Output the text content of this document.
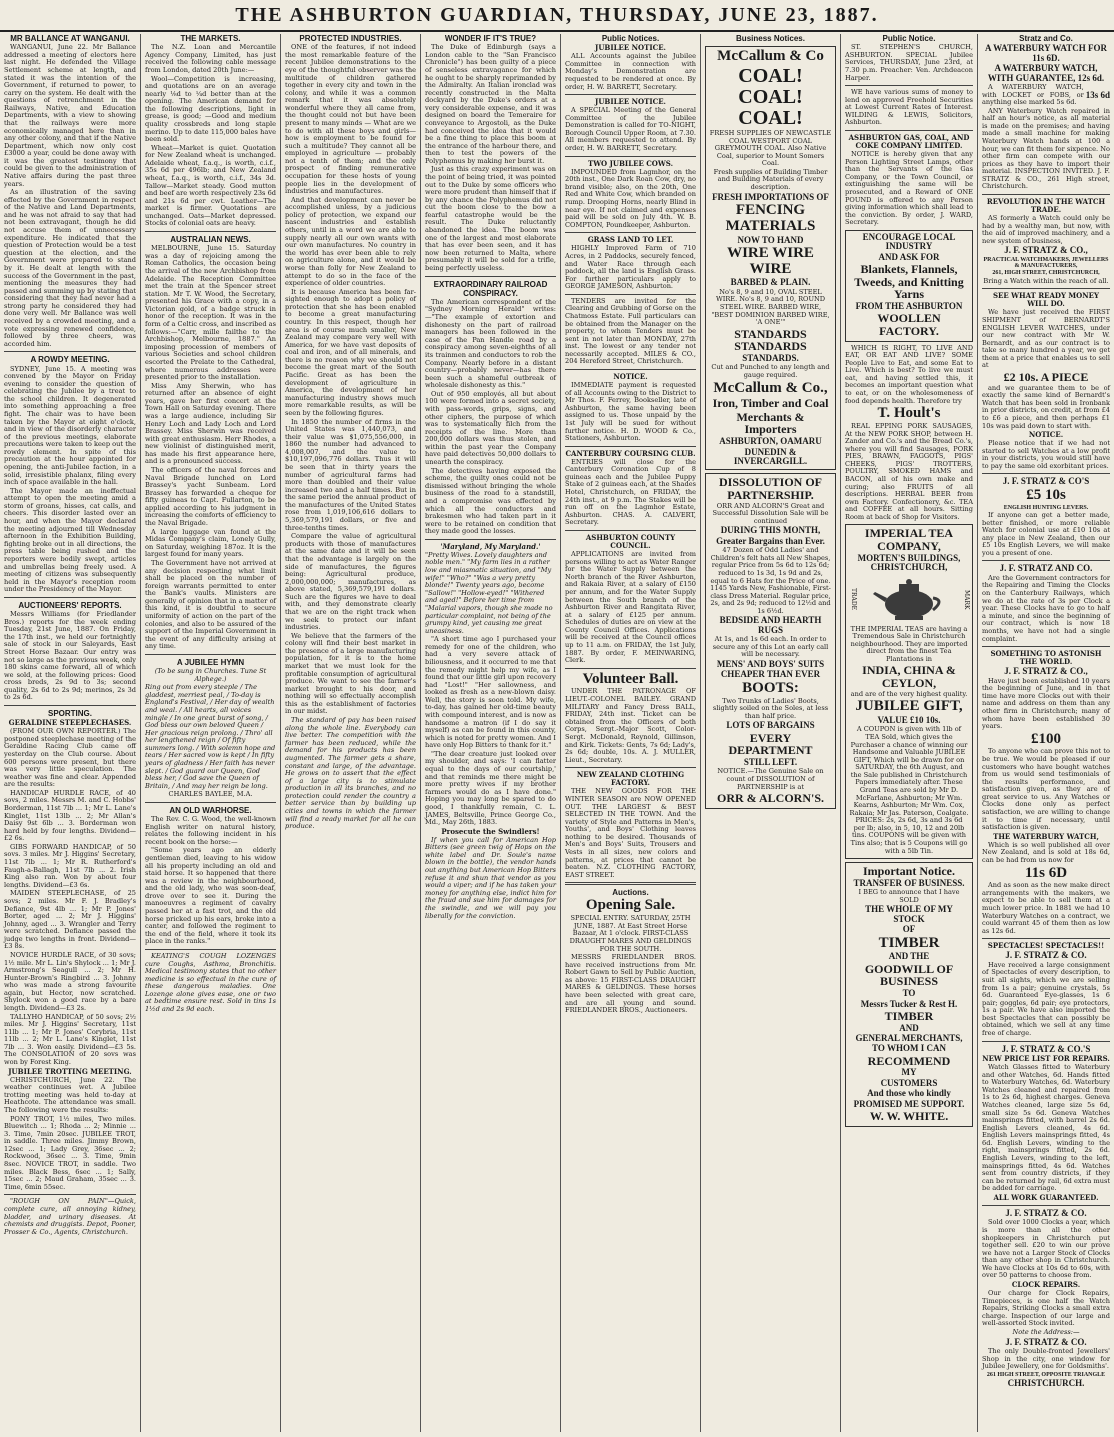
THE ASHBURTON GUARDIAN, THURSDAY, JUNE 23, 1887.

MR BALLANCE AT WANGANUI.

WANGANUI, June 22. Mr Ballance addressed a meeting of electors here last night. He defended the Village Settlement scheme at length, and stated it was the intention of the Government, if returned to power, to carry on the system. He dealt with the questions of retrenchment in the Railways, Native, and Education Departments, with a view to showing that the railways were more economically managed here than in any other colony, and that if the Native Department, which now only cost £3000 a year, could be done away with it was the greatest testimony that could be given to the administration of Native affairs during the past three years.

As an illustration of the saving effected by the Government in respect of the Native and Land Departments, and he was not afraid to say that had not been extravagant, though he did not accuse them of unnecessary expenditure. He indicated that the question of Protection would be a test question at the election, and the Government were prepared to stand by it. He dealt at length with the success of the Government in the past, mentioning the measures they had passed and summing up by stating that considering that they had never had a strong party he considered they had done very well. Mr Ballance was well received by a crowded meeting, and a vote expressing renewed confidence, followed by three cheers, was accorded him.

A ROWDY MEETING.

SYDNEY, June 15. A meeting was convened by the Mayor on Friday evening to consider the question of celebrating the Jubilee by a treat to the school children. It degenerated into something approaching a free fight. The chair was to have been taken by the Mayor at eight o'clock, and in view of the disorderly character of the previous meetings, elaborate precautions were taken to keep out the rowdy element. In spite of this precaution at the hour appointed for opening, the anti-Jubilee faction, in a solid, irresistible phalanx, filing every inch of space available in the hall.

The Mayor made an ineffectual attempt to open the meeting amid a storm of groans, hisses, cat calls, and cheers. This disorder lasted over an hour, and when the Mayor declared the meeting adjourned till Wednesday afternoon in the Exhibition Building, fighting broke out in all directions, the press table being rushed and the reporters were bodily swept, articles and umbrellas being freely used. A meeting of citizens was subsequently held in the Mayor's reception room under the Presidency of the Mayor.

AUCTIONEERS' REPORTS.

Messrs Williams (for Friedlander Bros.) reports for the week ending Tuesday, 21st June, 1887. On Friday, the 17th inst., we held our fortnightly sale of stock in our Saleyards, East Street Horse Bazaar. Our entry was not so large as the previous week, only 180 skins came forward, all of which we sold, at the following prices: Good cross breds, 2s 9d to 3s; second quality, 2s 6d to 2s 9d; merinos, 2s 3d to 2s 6d.

SPORTING.

GERALDINE STEEPLECHASES.

(FROM OUR OWN REPORTER.) The postponed steeplechase meeting of the Geraldine Racing Club came off yesterday on the Club course. About 600 persons were present, but there was very little speculation. The weather was fine and clear. Appended are the results:

HANDICAP HURDLE RACE, of 40 sovs, 2 miles. Messrs M. and C. Hobbs' Borderman, 11st 7lb ... 1; Mr L. Lane's Kinglet, 11st 13lb ... 2; Mr Allan's Daisy 9st 6lb ... 3. Borderman won hard held by four lengths. Dividend—£2 6s.

GIBS FORWARD HANDICAP, of 50 sovs. 3 miles. Mr J. Higgins' Secretary, 11st 7lb ... 1; Mr R. Rutherford's Faugh-a-Ballagh, 11st 7lb ... 2. Irish King also ran. Won by about four lengths. Dividend—£3 6s.

MAIDEN STEEPLECHASE, of 25 sovs; 2 miles. Mr F. J. Bradley's Defiance, 9st 4lb ... 1; Mr P. Jones' Borter, aged ... 2; Mr J. Higgins' Johnny, aged ... 3. Wrangler and Terry were scratched. Defiance passed the judge two lengths in front. Dividend—£3 8s.

NOVICE HURDLE RACE, of 30 sovs; 1½ mile. Mr L. Lin's Shylock ... 1; Mr J. Armstrong's Seagull ... 2; Mr H. Hunter-Brown's Ringbird ... 3. Johnny who was made a strong favourite again, but Hector, now scratched. Shylock won a good race by a bare length. Dividend—£3 2s.

TALLYHO HANDICAP, of 50 sovs; 2½ miles. Mr J. Higgins' Secretary, 11st 11lb ... 1; Mr P. Jones' Corybria, 11st 11lb ... 2; Mr L. Lane's Kinglet, 11st 7lb ... 3. Won easily. Dividend—£3 5s. The CONSOLATION of 20 sovs was won by Forest King.

JUBILEE TROTTING MEETING.

CHRISTCHURCH, June 22. The weather continues wet. A Jubilee trotting meeting was held to-day at Heathcote. The attendance was small. The following were the results:

PONY TROT, 1½ miles, Two miles. Bluewitch ... 1; Rhoda ... 2; Minnie ... 3. Time, 7min 20sec. JUBILEE TROT, in saddle. Three miles. Jimmy Brown, 12sec ... 1; Lady Grey, 36sec ... 2; Rockwood, 36sec ... 3. Time, 9min 8sec. NOVICE TROT, in saddle. Two miles. Black Bess, 6sec ... 1; Sally, 15sec ... 2; Maud Graham, 35sec ... 3. Time, 6min 55sec.

"ROUGH ON PAIN"—Quick, complete cure, all annoying kidney, bladder, and urinary diseases. At chemists and druggists. Depot, Pooner, Prosser & Co., Agents, Christchurch.

THE MARKETS.

The N.Z. Loan and Mercantile Agency Company, Limited, has just received the following cable message from London, dated 20th June:—

Wool—Competition is increasing, and quotations are on an average nearly ⅛d to ¼d better than at the opening. The American demand for the following descriptions, light in grease, is good; —Good and medium quality crossbreds and long staple merino. Up to date 115,000 bales have been sold.

Wheat—Market is quiet. Quotation for New Zealand wheat is unchanged. Adelaide wheat, f.a.q., is worth, c.i.f., 35s 6d per 496lb; and New Zealand wheat, f.a.q., is worth, c.i.f., 34s 3d. Tallow—Market steady. Good mutton and beef are worth respectively 23s 6d and 21s 6d per cwt. Leather—The market is firmer. Quotations are unchanged. Oats—Market depressed. Stocks of colonial oats are heavy.

AUSTRALIAN NEWS.

MELBOURNE, June 15. Saturday was a day of rejoicing among the Roman Catholics, the occasion being the arrival of the new Archbishop from Adelaide. The Reception Committee met the train at the Spencer street station. Mr T. W. Wood, the Secretary, presented his Grace with a copy, in a Victorian gold, of a badge struck in honor of the reception. It was in the form of a Celtic cross, and inscribed as follows:—"Carr, mille failthe to the Archbishop, Melbourne, 1887." An imposing procession of members of various Societies and school children escorted the Prelate to the Cathedral, where numerous addresses were presented prior to the installation.

Miss Amy Sherwin, who has returned after an absence of eight years, gave her first concert at the Town Hall on Saturday evening. There was a large audience, including Sir Henry Loch and Lady Loch and Lord Brassey. Miss Sherwin was received with great enthusiasm. Herr Rhodes, a new violinist of distinguished merit, has made his first appearance here, and is a pronounced success.

The officers of the naval forces and Naval Brigade lunched on Lord Brassey's yacht Sunbeam. Lord Brassey has forwarded a cheque for fifty guineas to Capt. Fullarton, to be applied according to his judgment in increasing the comforts of efficiency to the Naval Brigade.

A large luggage van found at the Midas Company's claim, Lonely Gully, on Saturday, weighing 187oz. It is the largest found for many years.

The Government have not arrived at any decision respecting what limit shall be placed on the number of foreign warrants permitted to enter the Bank's vaults. Ministers are generally of opinion that in a matter of this kind, it is doubtful to secure uniformity of action on the part of the colonies, and also to be assured of the support of the Imperial Government in the event of any difficulty arising at any time.

A JUBILEE HYMN

(To be sung in Churches. Tune St Alphege.)

Ring out from every steeple / The gladdest, merriest peal, / To-day is England's Festival, / Her day of wealth and weal. / All hearts, all voices mingle / In one great burst of song, / God bless our own beloved Queen / Her gracious reign prolong. / Thro' all her lengthened reign / Of fifty summers long. / With solemn hope and tears / Her sacred vow is kept / In fifty years of gladness / Her faith has never slept. / God guard our Queen, God bless her, / God save the Queen of Britain, / And may her reign be long.

CHARLES BAYLEE, M.A.

AN OLD WARHORSE.

The Rev. C. G. Wood, the well-known English writer on natural history, relates the following incident in his recent book on the horse:—

"Some years ago an elderly gentleman died, leaving to his widow all his property including an old and staid horse. It so happened that there was a review in the neighbourhood, and the old lady, who was soon-deaf, drove over to see it. During the manoeuvres a regiment of cavalry passed her at a fast trot, and the old horse pricked up his ears, broke into a canter, and followed the regiment to the end of the field, where it took its place in the ranks."

KEATING'S COUGH LOZENGES cure Coughs, Asthma, Bronchitis. Medical testimony states that no other medicine is so effectual in the cure of these dangerous maladies. One Lozenge alone gives ease, one or two at bedtime ensure rest. Sold in tins 1s 1½d and 2s 9d each.

PROTECTED INDUSTRIES.

ONE of the features, if not indeed the most remarkable feature of the recent Jubilee demonstrations to the eye of the thoughtful observer was the multitude of children gathered together in every city and town in the colony, and while it was a common remark that it was absolutely wonderful where they all came from, the thought could not but have been present to many minds — What are we to do with all these boys and girls—how is employment to be found for such a multitude? They cannot all be employed in agriculture — probably not a tenth of them; and the only prospect of finding remunerative occupation for these hosts of young people lies in the development of industries and manufactures.

And that development can never be accomplished unless, by a judicious policy of protection, we expand our nascent industries and establish others, until in a word we are able to supply nearly all our own wants with our own manufactures. No country in the world has ever been able to rely on agriculture alone, and it would be worse than folly for New Zealand to attempt to do so in the face of the experience of older countries.

It is because America has been far-sighted enough to adopt a policy of protection that she has been enabled to become a great manufacturing country. In this respect, though her area is of course much smaller, New Zealand may compare very well with America, for we have vast deposits of coal and iron, and of all minerals, and there is no reason why we should not become the great mart of the South Pacific. Great as has been the development of agriculture in America, the development of her manufacturing industry shows much more remarkable results, as will be seen by the following figures.

In 1850 the number of firms in the United States was 1,440,073, and their value was $1,075,556,000, in 1860 the number had advanced to 4,008,007, and the value to $10,197,096,776 dollars. Thus it will be seen that in thirty years the number of agricultural farms had more than doubled and their value increased two and a half times. But in the same period the annual product of the manufactures of the United States rose from 1,019,106,616 dollars to 5,369,579,191 dollars, or five and three-tenths times.

Compare the value of agricultural products with those of manufactures at the same date and it will be seen that the advantage is largely on the side of manufactures, the figures being: Agricultural produce, 2,000,000,000; manufactures, as above stated, 5,369,579,191 dollars. Such are the figures we have to deal with, and they demonstrate clearly that we are on the right track when we seek to protect our infant industries.

We believe that the farmers of the colony will find their best market in the presence of a large manufacturing population, for it is to the home market that we must look for the profitable consumption of agricultural produce. We want to see the farmer's market brought to his door, and nothing will so effectually accomplish this as the establishment of factories in our midst.

The standard of pay has been raised along the whole line. Everybody can live better. The competition with the farmer has been reduced, while the demand for his products has been augmented. The farmer gets a share, constant and large, of the advantage. He grows on to assert that the effect of a large city is to stimulate production in all its branches, and no protection could render the country a better service than by building up cities and towns in which the farmer will find a ready market for all he can produce.

WONDER IF IT'S TRUE?

The Duke of Edinburgh (says a London cable to the "San Francisco Chronicle") has been guilty of a piece of senseless extravagance for which he ought to be sharply reprimanded by the Admiralty. An Italian ironclad was recently constructed in the Malta dockyard by the Duke's orders at a very considerable expense, and it was designed on board the Temeraire for conveyance to Argostoli, as the Duke had conceived the idea that it would be a fine thing to place this boom at the entrance of the harbour there, and then to test the powers of the Polyphemus by making her burst it.

Just as this crazy experiment was on the point of being tried, it was pointed out to the Duke by some officers who were more prudent than himself that if by any chance the Polyphemus did not cut the boom close to the bow a fearful catastrophe would be the result. The Duke reluctantly abandoned the idea. The boom was one of the largest and most elaborate that has ever been seen, and it has now been returned to Malta, where presumably it will be sold for a trifle, being perfectly useless.

EXTRAORDINARY RAILROAD CONSPIRACY.

The American correspondent of the "Sydney Morning Herald" writes:—"The example of extortion and dishonesty on the part of railroad managers has been followed in the case of the Pan Handle road by a conspiracy among seven-eighths of all its trainmen and conductors to rob the Company. Nearly before in a distant country—probably never—has there been such a shameful outbreak of wholesale dishonesty as this."

Out of 950 employés, all but about 100 were formed into a secret society, with pass-words, grips, signs, and other ciphers, the purpose of which was to systematically filch from the receipts of the line. More than 200,000 dollars was thus stolen, and within the past year the Company have paid detectives 50,000 dollars to unearth the conspiracy.

The detectives having exposed the scheme, the guilty ones could not be dismissed without bringing the whole business of the road to a standstill, and a compromise was effected by which all the conductors and brakesmen who had taken part in it were to be retained on condition that they made good the losses.

'Maryland, My Maryland.'

"Pretty Wives. Lovely daughters and noble men." "My farm lies in a rather low and miasmatic situation, and "My wife!" "Who?" "Was a very pretty blonde!" Twenty years ago, become "Sallow!" "Hollow-eyed!" "Withered and aged!" Before her time from "Malarial vapors, though she made no particular complaint, not being of the grumpy kind, yet causing me great uneasiness.

"A short time ago I purchased your remedy for one of the children, who had a very severe attack of biliousness, and it occurred to me that the remedy might help my wife, as I found that our little girl upon recovery had "Lost!" "Her sallowness, and looked as fresh as a new-blown daisy. Well, the story is soon told. My wife, to-day, has gained her old-time beauty with compound interest, and is now as handsome a matron (if I do say it myself) as can be found in this county, which is noted for pretty women. And I have only Hop Bitters to thank for it."

"The dear creature just looked over my shoulder, and says: 'I can flatter equal to the days of our courtship,' and that reminds me there might be more pretty wives if my brother farmers would do as I have done." Hoping you may long be spared to do good, I thankfully remain, C. L. JAMES, Beltsville, Prince George Co., Md., May 26th, 1883.

Prosecute the Swindlers!

If when you call for American Hop Bitters (see green twig of Hops on the white label and Dr. Soule's name blown in the bottle), the vendor hands out anything but American Hop Bitters refuse it and shun that vendor as you would a viper; and if he has taken your money for anything else, indict him for the fraud and sue him for damages for the swindle, and we will pay you liberally for the conviction.

Public Notices.

JUBILEE NOTICE.

ALL Accounts against the Jubilee Committee in connection with Monday's Demonstration are requested to be rendered at once. By order, H. W. BARRETT, Secretary.

JUBILEE NOTICE.

A SPECIAL Meeting of the General Committee of the Jubilee Demonstration is called for TO-NIGHT, Borough Council Upper Room, at 7.30. All members requested to attend. By order, H. W. BARRETT, Secretary.

TWO JUBILEE COWS.

IMPOUNDED from Lagmhor, on the 20th inst., One Dark Roan Cow, dry, no brand visible; also, on the 20th, One Red and White Cow, which branded on rump. Drooping Horns, nearly Blind in near eye. If not claimed and expenses paid will be sold on July 4th. W. B. COMPTON, Poundkeeper, Ashburton.

GRASS LAND TO LET.

HIGHLY Improved Farm of 710 Acres, in 2 Paddocks, securely fenced, and Water Race through each paddock, all the land is English Grass. For further particulars apply to GEORGE JAMESON, Ashburton.

TENDERS are invited for the Clearing and Grubbing of Gorse on the Chatmoss Estate. Full particulars can be obtained from the Manager on the property, to whom Tenders must be sent in not later than MONDAY, 27th inst. The lowest or any tender not necessarily accepted. MILES & CO., 204 Hereford Street, Christchurch.

NOTICE.

IMMEDIATE payment is requested of all Accounts owing to the District to Mr Thos. F. Ferrey, Bookseller, late of Ashburton, the same having been assigned to us. Those unpaid by the 1st July will be sued for without further notice. H. D. WOOD & Co., Stationers, Ashburton.

CANTERBURY COURSING CLUB.

ENTRIES will close for the Canterbury Coronation Cup of 8 guineas each and the Jubilee Puppy Stake of 2 guineas each, at the Shades Hotel, Christchurch, on FRIDAY, the 24th inst., at 9 p.m. The Stakes will be run off on the Lagmhor Estate, Ashburton. CHAS. A. CALVERT, Secretary.

ASHBURTON COUNTY COUNCIL.

APPLICATIONS are invited from persons willing to act as Water Ranger for the Water Supply between the North branch of the River Ashburton, and Rakaia River, at a salary of £150 per annum, and for the Water Supply between the South branch of the Ashburton River and Rangitata River, at a salary of £125 per annum. Schedules of duties are on view at the County Council Offices. Applications will be received at the Council offices up to 11 a.m. on FRIDAY, the 1st July, 1887. By order, F. MEINWARING, Clerk.

Volunteer Ball.

UNDER THE PATRONAGE OF LIEUT.-COLONEL BAILEY. GRAND MILITARY and Fancy Dress BALL, FRIDAY, 24th inst. Ticket can be obtained from the Officers of both Corps, Sergt.-Major Scott, Color-Sergt. McDonald, Reynold, Gillinson, and Kirk. Tickets: Gents, 7s 6d; Lady's, 2s 6d; double, 10s. A. J. MULLER, Lieut., Secretary.

NEW ZEALAND CLOTHING FACTORY.

THE NEW GOODS FOR THE WINTER SEASON are NOW OPENED OUT. THE LARGEST & BEST SELECTED IN THE TOWN. And the variety of Style and Patterns in Men's, Youths', and Boys' Clothing leaves nothing to be desired. Thousands of Men's and Boys' Suits, Trousers and Vests in all sizes, new colors and patterns, at prices that cannot be beaten. N.Z. CLOTHING FACTORY, EAST STREET.

Auctions.

Opening Sale.

SPECIAL ENTRY. SATURDAY, 25TH JUNE, 1887. At East Street Horse Bazaar, At 1 o'clock. FIRST-CLASS DRAUGHT MARES AND GELDINGS FOR THE SOUTH.

MESSRS FRIEDLANDER BROS. have received instructions from Mr. Robert Gawn to Sell by Public Auction, as above: 15 FIRST-CLASS DRAUGHT MARES & GELDINGS. These horses have been selected with great care, and are all young and sound. FRIEDLANDER BROS., Auctioneers.

Business Notices.

McCallum & Co

COAL! COAL! COAL!

FRESH SUPPLIES OF NEWCASTLE COAL WESTPORT COAL GREYMOUTH COAL. Also Native Coal, superior to Mount Somers Coal.

Fresh supplies of Building Timber and Building Materials of every description.

FRESH IMPORTATIONS OF

FENCING MATERIALS

NOW TO HAND

WIRE WIRE WIRE

BARBED & PLAIN.

No's 8, 9 and 10, OVAL STEEL WIRE. No's 8, 9 and 10, ROUND STEEL WIRE. BARBED WIRE, "BEST DOMINION BARBED WIRE, 'A ONE'"

STANDARDS STANDARDS

STANDARDS.

Cut and Punched to any length and gauge required.

McCallum & Co.,

Iron, Timber and Coal

Merchants & Importers

ASHBURTON, OAMARU

DUNEDIN & INVERCARGILL.

DISSOLUTION OF PARTNERSHIP.

ORR AND ALCORN'S Great and Successful Dissolution Sale will be continued

DURING THIS MONTH,

Greater Bargains than Ever.

47 Dozen of Odd Ladies' and Children's felt hats all New Shapes, regular Price from 5s 6d to 12s 6d; reduced to 1s 3d, 1s 9d and 2s, equal to 6 Hats for the Price of one. 1145 Yards New, Fashionable, First-class Dress Material. Regular price, 2s, and 2s 9d; reduced to 12½d and 1s 6½d.

BEDSIDE AND HEARTH RUGS

At 1s, and 1s 6d each. In order to secure any of this Lot an early call will be necessary.

MENS' AND BOYS' SUITS

CHEAPER THAN EVER

BOOTS:

Two Trunks of Ladies' Boots, slightly soiled on the Soles, at less than half price.

LOTS OF BARGAINS

EVERY DEPARTMENT

STILL LEFT.

NOTICE.—The Genuine Sale on count of DISSOLUTION of PARTNERSHIP is at

ORR & ALCORN'S.

Public Notice.

ST. STEPHEN'S CHURCH, ASHBURTON. SPECIAL Jubilee Services, THURSDAY, June 23rd, at 7.30 p.m. Preacher: Ven. Archdeacon Harper.

WE have various sums of money to lend on approved Freehold Securities at Lowest Current Rates of Interest. WILDING & LEWIS, Solicitors, Ashburton.

ASHBURTON GAS, COAL, AND COKE COMPANY LIMITED.

NOTICE is hereby given that any Person Lighting Street Lamps, other than the Servants of the Gas Company, or the Town Council, or extinguishing the same will be prosecuted, and a Reward of ONE POUND is offered to any Person giving information which shall lead to the conviction. By order, J. WARD, Secretary.

ENCOURAGE LOCAL INDUSTRY

AND ASK FOR

Blankets, Flannels, Tweeds, and Knitting Yarns

FROM THE ASHBURTON

WOOLLEN FACTORY.

WHICH IS RIGHT, TO LIVE AND EAT, OR EAT AND LIVE? SOME People Live to Eat, and some Eat to Live. Which is best? To live we must eat, and having settled this, it becomes an important question what to eat, or on the wholesomeness of food depends health. Therefore try

T. Hoult's

REAL EPPING PORK SAUSAGES, At the NEW PORK SHOP, between H. Zander and Co.'s and the Bread Co.'s, where you will find Sausages, PORK PIES, BRAWN, FAGGOTS, PIGS' CHEEKS, PIGS' TROTTERS, POULTRY, SMOKED HAMS and BACON, all of his own make and curing; also FRUITS of all descriptions. HERBAL BEER from own Factory. Confectionery, &c. TEA and COFFEE at all hours. Sitting Room at back of Shop for Visitors.

IMPERIAL TEA COMPANY,

MORTEN'S BUILDINGS, CHRISTCHURCH,

TRADE	MARK

THE IMPERIAL TEAS are having a Tremendous Sale in Christchurch neighbourhood. They are imported direct from the finest Tea Plantations in

INDIA, CHINA & CEYLON,

and are of the very highest quality.

JUBILEE GIFT,

VALUE £10 10s.

A COUPON is given with 1lb of TEA Sold, which gives the Purchaser a chance of winning our Handsome and Valuable JUBILEE GIFT, Which will be drawn for on SATURDAY, the 6th August, and the Sale published in Christchurch Papers immediately after. These Grand Teas are sold by Mr D. McFarlane, Ashburton; Mr Wm. Kearns, Ashburton; Mr Wm. Cox, Rakaia; Mr Jas. Paterson, Coalgate. PRICES: 2s, 2s 6d, 3s and 3s 6d per lb; also, in 5, 10, 12 and 20lb tins. COUPONS will be given with Tins also; that is 5 Coupons will go with a 5lb Tin.

Important Notice.

TRANSFER OF BUSINESS.

I BEG to announce that I have SOLD

THE WHOLE OF MY STOCK

OF

TIMBER

AND THE

GOODWILL OF BUSINESS

TO

Messrs Tucker & Rest H.

TIMBER

AND

GENERAL MERCHANTS,

TO WHOM I CAN

RECOMMEND

MY

CUSTOMERS

And those who kindly

PROMISED ME SUPPORT.

W. W. WHITE.

Stratz and Co.

A WATERBURY WATCH FOR 11s 6D.

A WATERBURY WATCH, WITH GUARANTEE, 12s 6d.

A WATERBURY WATCH, with LOCKET or FOBS, or anything else marked 5s 6d.

13s 6d

ANY Waterbury Watch repaired in half an hour's notice, as all material is made on the premises; and having made a small machine for making Waterbury Watch hands at 100 a hour, we can fit them for sixpence. No other firm can compete with our prices as they have to import their material. INSPECTION INVITED. J. F. STRATZ & CO., 261 High street, Christchurch.

REVOLUTION IN THE WATCH TRADE.

AS formerly a Watch could only be had by a wealthy man, but now, with the aid of improved machinery, and a new system of business,

J. F. STRATZ & CO.,

PRACTICAL WATCHMAKERS, JEWELLERS & MANUFACTURERS,

261, HIGH STREET, CHRISTCHURCH,

Bring a Watch within the reach of all.

SEE WHAT READY MONEY WILL DO.

We have just received the FIRST SHIPMENT of BERNARDT'S ENGLISH LEVER WATCHES, under our new contract with Mr W. Bernardt, and as our contract is to take so many hundred a year, we get them at a price that enables us to sell at

£2 10s. A PIECE

and we guarantee them to be of exactly the same kind of Bernardt's Watch that has been sold in Ironbank in prior districts, on credit, at from £4 to £6 a piece, and then perhaps £1 10s was paid down to start with.

NOTICE.

Please notice that if we had not started to sell Watches at a low profit in your districts, you would still have to pay the same old exorbitant prices.

J. F. STRATZ & CO'S

£5 10s

ENGLISH HUNTING LEVERS.

If anyone can get a better made, better finished, or more reliable Watch for colonial use at £10 10s at any place in New Zealand, then our £5 10s English Levers, we will make you a present of one.

J. F. STRATZ AND CO.

Are the Government contractors for the Repairing and Timing the Clocks on the Canterbury Railways, which we do at the rate of 3s per Clock a year. These Clocks have to go to half a minute, and since the beginning of our contract, which is now 18 months, we have not had a single complaint.

SOMETHING TO ASTONISH THE WORLD.

J. F. STRATZ & CO.,

Have just been established 10 years the beginning of June, and in that time have more Clocks out with their name and address on them than any other firm in Christchurch; many of whom have been established 30 years.

£100

To anyone who can prove this not to be true. We would be pleased if our customers who have bought watches from us would send testimonials of the results performance, and satisfaction given, as they are of great service to us. Any Watches or Clocks done only as perfect satisfaction, we are willing to change it to time if necessary, until satisfaction is given.

THE WATERBURY WATCH,

Which is so well published all over New Zealand, and is sold at 18s 6d, can be had from us now for

11s 6D

And as soon as the new make direct arrangements with the makers, we expect to be able to sell them at a much lower price. In 1881 we had 10 Waterbury Watches on a contract, we could warrant 45 of them then as low as 12s 6d.

SPECTACLES! SPECTACLES!!

J. F. STRATZ & CO.

Have received a large consignment of Spectacles of every description, to suit all sights, which we are selling from 1s a pair; genuine crystals, 5s 6d. Guaranteed Eye-glasses, 1s 6 pair; goggles, 6d pair; eye protectors, 1s a pair. We have also imported the best Spectacles that can possibly be obtained, which we sell at any time free of charge.

J. F. STRATZ & CO.'S

NEW PRICE LIST FOR REPAIRS.

Watch Glasses fitted to Waterbury and other Watches, 6d. Hands fitted to Waterbury Watches, 6d. Waterbury Watches cleaned and repaired from 1s to 2s 6d, highest charges. Geneva Watches cleaned, large size 5s 6d, small size 5s 6d. Geneva Watches mainsprings fitted, with barrel 2s 6d. English Levers cleaned, 4s 6d. English Levers mainsprings fitted, 4s 6d. English Levers, winding to the right, mainsprings fitted, 2s 6d. English Levers, winding to the left, mainsprings fitted, 4s 6d. Watches sent from country districts, if they can be returned by rail, 6d extra must be added for carriage.

ALL WORK GUARANTEED.

J. F. STRATZ & CO.

Sold over 1000 Clocks a year, which is more than all the other shopkeepers in Christchurch put together sell. £20 to win our prove we have not a Larger Stock of Clocks than any other shop in Christchurch. We have Clocks at 10s 6d to 60s, with over 50 patterns to choose from.

CLOCK REPAIRS.

Our charge for Clock Repairs, Timepieces, is one half the Watch Repairs, Striking Clocks a small extra charge. Inspection of our large and well-assorted Stock invited.

Note the Address:—

J. F. STRATZ & CO.

The only Double-fronted Jewellers' Shop in the city, one window for Jubilee Jewellery, one for Goldsmiths'.

261 HIGH STREET, OPPOSITE TRIANGLE

CHRISTCHURCH.
